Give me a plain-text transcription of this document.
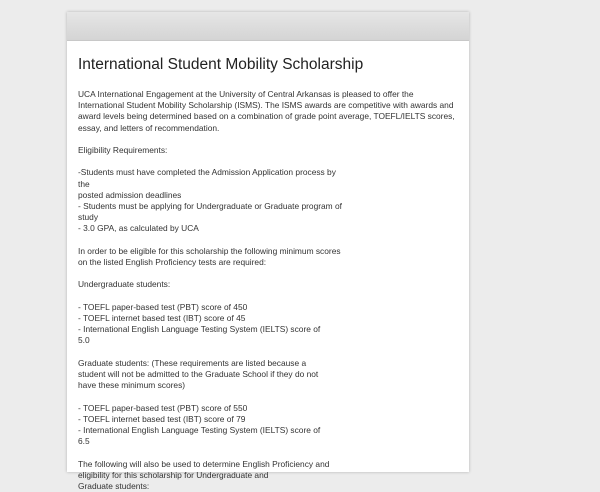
International Student Mobility Scholarship

UCA International Engagement at the University of Central Arkansas is pleased to offer the International Student Mobility Scholarship (ISMS). The ISMS awards are competitive with awards and award levels being determined based on a combination of grade point average, TOEFL/IELTS scores, essay, and letters of recommendation.

Eligibility Requirements:

-Students must have completed the Admission Application process by the
posted admission deadlines
- Students must be applying for Undergraduate or Graduate program of
study
- 3.0 GPA, as calculated by UCA

In order to be eligible for this scholarship the following minimum scores
on the listed English Proficiency tests are required:

Undergraduate students:

- TOEFL paper-based test (PBT) score of 450
- TOEFL internet based test (IBT) score of 45
- International English Language Testing System (IELTS) score of
5.0

Graduate students: (These requirements are listed because a
student will not be admitted to the Graduate School if they do not
have these minimum scores)

- TOEFL paper-based test (PBT) score of 550
- TOEFL internet based test (IBT) score of 79
- International English Language Testing System (IELTS) score of
6.5

The following will also be used to determine English Proficiency and
eligibility for this scholarship for Undergraduate and
Graduate students:
